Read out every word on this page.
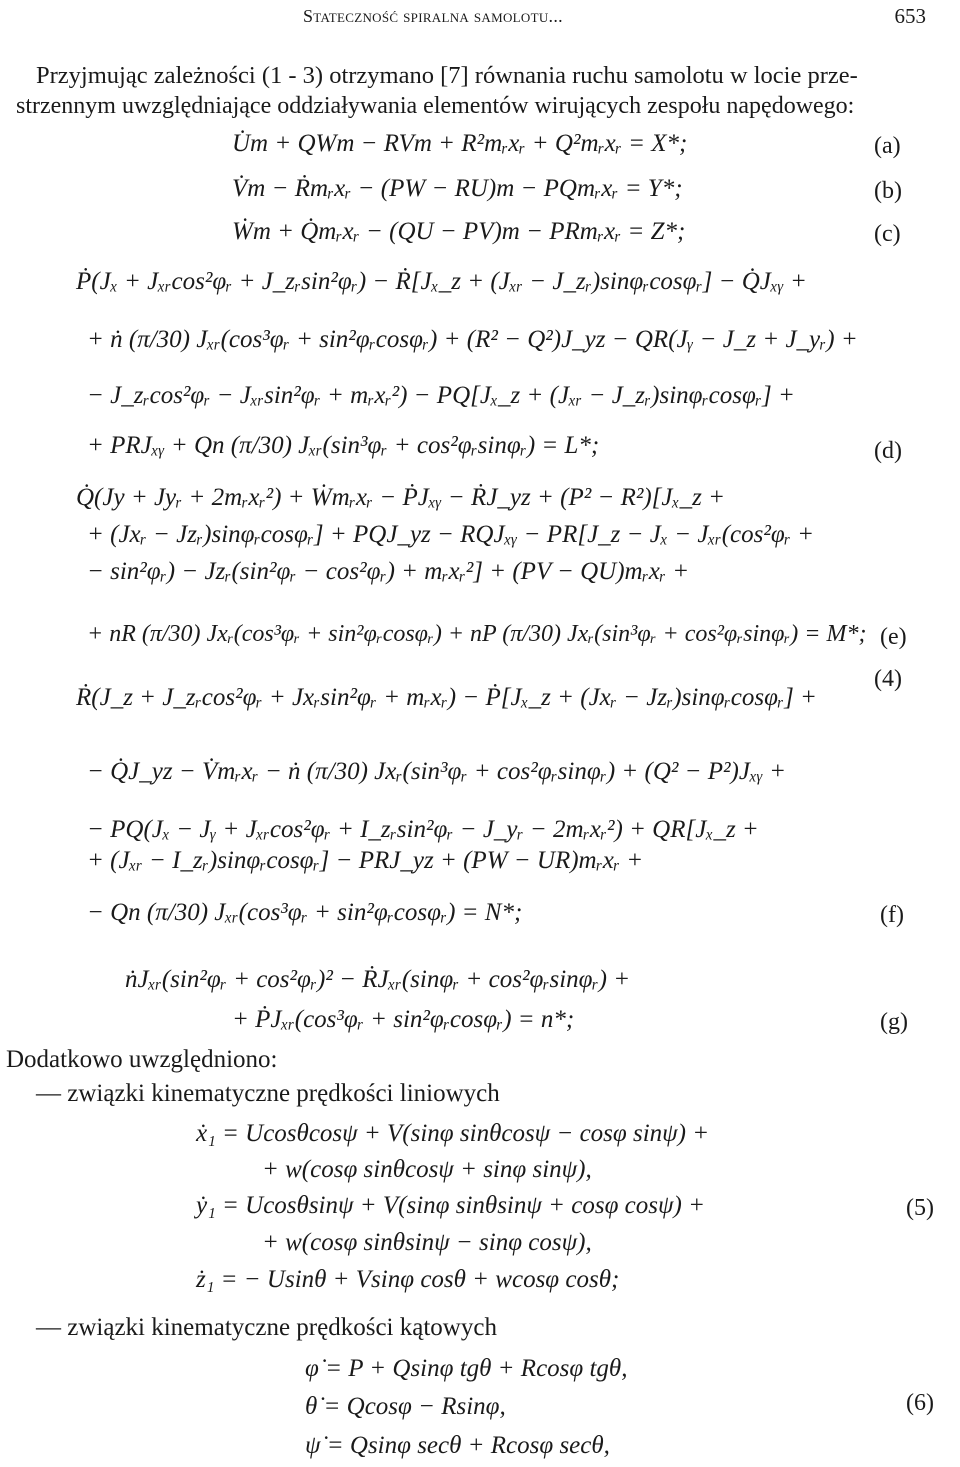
Stateczność spiralna samolotu...	653
Przyjmując zależności (1 - 3) otrzymano [7] równania ruchu samolotu w locie prze-
strzennym uwzględniające oddziaływania elementów wirujących zespołu napędowego:
U̇m + QWm − RVm + R²mᵣxᵣ + Q²mᵣxᵣ = X*;	(a)
V̇m − Ṙmᵣxᵣ − (PW − RU)m − PQmᵣxᵣ = Y*;	(b)
Ẇm + Q̇mᵣxᵣ − (QU − PV)m − PRmᵣxᵣ = Z*;	(c)
Ṗ(Jₓ + Jₓᵣcos²φᵣ + J_zᵣsin²φᵣ) − Ṙ[Jₓ_z + (Jₓᵣ − J_zᵣ)sinφᵣcosφᵣ] − Q̇Jₓᵧ +
+ ṅ (π/30) Jₓᵣ(cos³φᵣ + sin²φᵣcosφᵣ) + (R² − Q²)J_yz − QR(Jᵧ − J_z + J_yᵣ) +
− J_zᵣcos²φᵣ − Jₓᵣsin²φᵣ + mᵣxᵣ²) − PQ[Jₓ_z + (Jₓᵣ − J_zᵣ)sinφᵣcosφᵣ] +
+ PRJₓᵧ + Qn (π/30) Jₓᵣ(sin³φᵣ + cos²φᵣsinφᵣ) = L*;	(d)
Q̇(Jy + Jyᵣ + 2mᵣxᵣ²) + Ẇmᵣxᵣ − ṖJₓᵧ − ṘJ_yz + (P² − R²)[Jₓ_z +
+ (Jxᵣ − Jzᵣ)sinφᵣcosφᵣ] + PQJ_yz − RQJₓᵧ − PR[J_z − Jₓ − Jₓᵣ(cos²φᵣ +
− sin²φᵣ) − Jzᵣ(sin²φᵣ − cos²φᵣ) + mᵣxᵣ²] + (PV − QU)mᵣxᵣ +
+ nR (π/30) Jxᵣ(cos³φᵣ + sin²φᵣcosφᵣ) + nP (π/30) Jxᵣ(sin³φᵣ + cos²φᵣsinφᵣ) = M*; (e)
(4)
Ṙ(J_z + J_zᵣcos²φᵣ + Jxᵣsin²φᵣ + mᵣxᵣ) − Ṗ[Jₓ_z + (Jxᵣ − Jzᵣ)sinφᵣcosφᵣ] +
− Q̇J_yz − V̇mᵣxᵣ − ṅ (π/30) Jxᵣ(sin³φᵣ + cos²φᵣsinφᵣ) + (Q² − P²)Jₓᵧ +
− PQ(Jₓ − Jᵧ + Jₓᵣcos²φᵣ + I_zᵣsin²φᵣ − J_yᵣ − 2mᵣxᵣ²) + QR[Jₓ_z +
+ (Jₓᵣ − I_zᵣ)sinφᵣcosφᵣ] − PRJ_yz + (PW − UR)mᵣxᵣ +
− Qn (π/30) Jₓᵣ(cos³φᵣ + sin²φᵣcosφᵣ) = N*;	(f)
ṅJₓᵣ(sin²φᵣ + cos²φᵣ)² − ṘJₓᵣ(sinφᵣ + cos²φᵣsinφᵣ) +
+ ṖJₓᵣ(cos³φᵣ + sin²φᵣcosφᵣ) = n*;	(g)
Dodatkowo uwzględniono:
— związki kinematyczne prędkości liniowych
ẋ₁ = Ucosθcosψ + V(sinφ sinθcosψ − cosφ sinψ) +
+ w(cosφ sinθcosψ + sinφ sinψ),
ẏ₁ = Ucosθsinψ + V(sinφ sinθsinψ + cosφ cosψ) +	(5)
+ w(cosφ sinθsinψ − sinφ cosψ),
ż₁ = − Usinθ + Vsinφ cosθ + wcosφ cosθ;
— związki kinematyczne prędkości kątowych
φ̇ = P + Qsinφ tgθ + Rcosφ tgθ,
θ̇ = Qcosφ − Rsinφ,	(6)
ψ̇ = Qsinφ secθ + Rcosφ secθ,
